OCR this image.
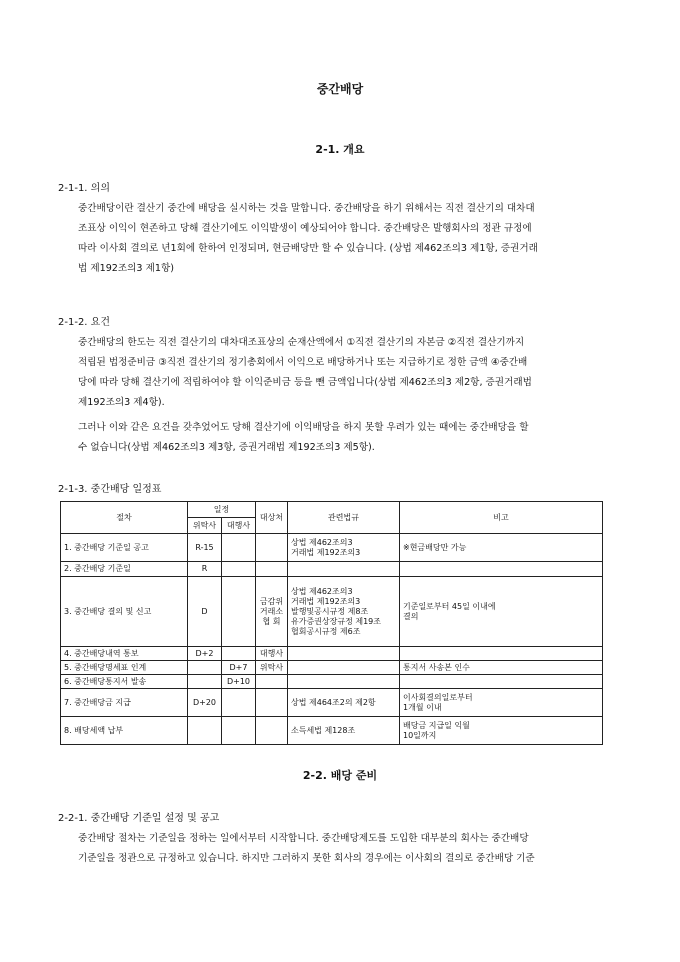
중간배당
2-1. 개요
2-1-1. 의의
중간배당이란 결산기 중간에 배당을 실시하는 것을 말합니다. 중간배당을 하기 위해서는 직전 결산기의 대차대
조표상 이익이 현존하고 당해 결산기에도 이익발생이 예상되어야 합니다. 중간배당은 발행회사의 정관 규정에
따라 이사회 결의로 년1회에 한하여 인정되며, 현금배당만 할 수 있습니다. (상법 제462조의3 제1항, 증권거래
법 제192조의3 제1항)
2-1-2. 요건
중간배당의 한도는 직전 결산기의 대차대조표상의 순재산액에서 ①직전 결산기의 자본금 ②직전 결산기까지
적립된 법정준비금 ③직전 결산기의 정기총회에서 이익으로 배당하거나 또는 지급하기로 정한 금액 ④중간배
당에 따라 당해 결산기에 적립하여야 할 이익준비금 등을 뺀 금액입니다(상법 제462조의3 제2항, 증권거래법
제192조의3 제4항).
그러나 이와 같은 요건을 갖추었어도 당해 결산기에 이익배당을 하지 못할 우려가 있는 때에는 중간배당을 할
수 없습니다(상법 제462조의3 제3항, 증권거래법 제192조의3 제5항).
2-1-3. 중간배당 일정표
절차	일정		대상처	관련법규	비고
	위탁사	대행사			
1. 중간배당 기준일 공고	R-15			상법 제462조의3
거래법 제192조의3	※현금배당만 가능

2. 중간배당 기준일	R				
3. 중간배당 결의 및 신고	D		금감위
거래소
협 회	상법 제462조의3
거래법 제192조의3
발행및공시규정 제8조
유가증권상장규정 제19조
협회공시규정 제6조	기준일로부터 45일 이내에
결의

4. 중간배당내역 통보	D+2		대행사		
5. 중간배당명세표 인계		D+7	위탁사		통지서 사송본 인수

6. 중간배당통지서 발송		D+10			
7. 중간배당금 지급	D+20			상법 제464조2의 제2항	이사회결의일로부터
1개월 이내

8. 배당세액 납부				소득세법 제128조	배당금 지급일 익월
10일까지
2-2. 배당 준비
2-2-1. 중간배당 기준일 설정 및 공고
중간배당 절차는 기준일을 정하는 일에서부터 시작합니다. 중간배당제도를 도입한 대부분의 회사는 중간배당
기준일을 정관으로 규정하고 있습니다. 하지만 그러하지 못한 회사의 경우에는 이사회의 결의로 중간배당 기준
